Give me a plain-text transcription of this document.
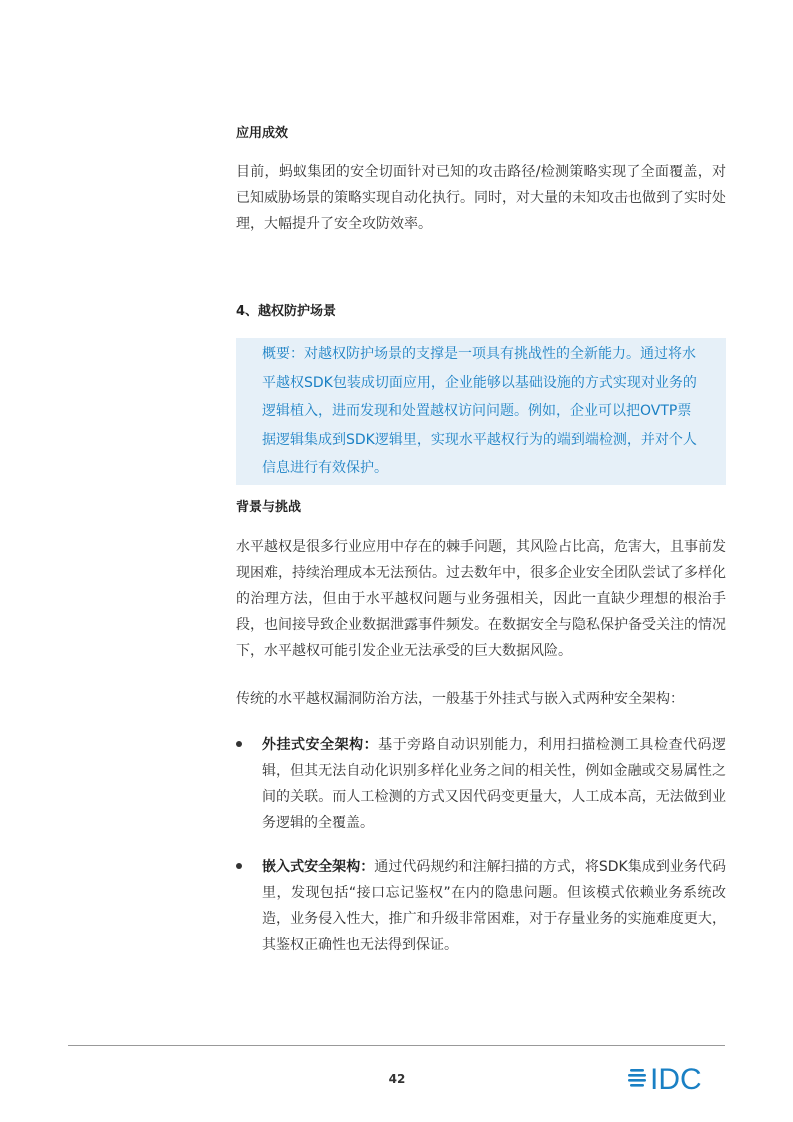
应用成效

目前，蚂蚁集团的安全切面针对已知的攻击路径/检测策略实现了全面覆盖，对已知威胁场景的策略实现自动化执行。同时，对大量的未知攻击也做到了实时处理，大幅提升了安全攻防效率。

4、越权防护场景
概要：对越权防护场景的支撑是一项具有挑战性的全新能力。通过将水平越权SDK包装成切面应用，企业能够以基础设施的方式实现对业务的逻辑植入，进而发现和处置越权访问问题。例如，企业可以把OVTP票据逻辑集成到SDK逻辑里，实现水平越权行为的端到端检测，并对个人信息进行有效保护。
背景与挑战

水平越权是很多行业应用中存在的棘手问题，其风险占比高，危害大，且事前发现困难，持续治理成本无法预估。过去数年中，很多企业安全团队尝试了多样化的治理方法，但由于水平越权问题与业务强相关，因此一直缺少理想的根治手段，也间接导致企业数据泄露事件频发。在数据安全与隐私保护备受关注的情况下，水平越权可能引发企业无法承受的巨大数据风险。

传统的水平越权漏洞防治方法，一般基于外挂式与嵌入式两种安全架构：

外挂式安全架构：基于旁路自动识别能力，利用扫描检测工具检查代码逻辑，但其无法自动化识别多样化业务之间的相关性，例如金融或交易属性之间的关联。而人工检测的方式又因代码变更量大，人工成本高，无法做到业务逻辑的全覆盖。

嵌入式安全架构：通过代码规约和注解扫描的方式，将SDK集成到业务代码里，发现包括“接口忘记鉴权”在内的隐患问题。但该模式依赖业务系统改造，业务侵入性大，推广和升级非常困难，对于存量业务的实施难度更大，其鉴权正确性也无法得到保证。

42	IDC
